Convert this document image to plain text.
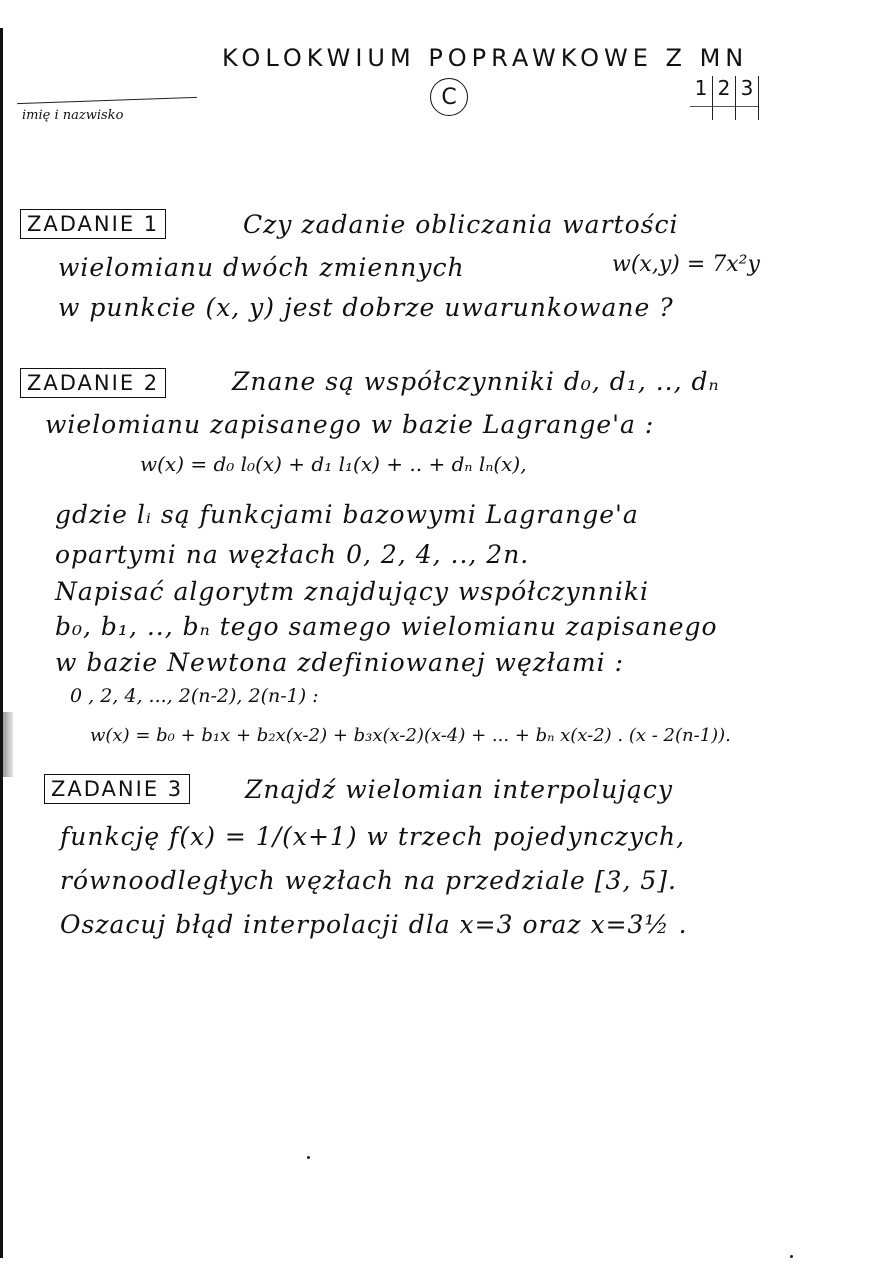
KOLOKWIUM POPRAWKOWE Z MN
C
imię i nazwisko
1 2 3
ZADANIE 1	Czy zadanie obliczania wartości
wielomianu dwóch zmiennych	w(x,y) = 7x²y
w punkcie (x, y) jest dobrze uwarunkowane ?
ZADANIE 2	Znane są współczynniki d₀, d₁, .., dₙ
wielomianu zapisanego w bazie Lagrange'a :
w(x) = d₀ l₀(x) + d₁ l₁(x) + .. + dₙ lₙ(x),
gdzie lᵢ są funkcjami bazowymi Lagrange'a
opartymi na węzłach 0, 2, 4, .., 2n.
Napisać algorytm znajdujący współczynniki
b₀, b₁, .., bₙ tego samego wielomianu zapisanego
w bazie Newtona zdefiniowanej węzłami :
0 , 2, 4, ..., 2(n-2), 2(n-1) :
w(x) = b₀ + b₁x + b₂x(x-2) + b₃x(x-2)(x-4) + ... + bₙ x(x-2) . (x - 2(n-1)).
ZADANIE 3 Znajdź wielomian interpolujący
funkcję f(x) = 1/(x+1) w trzech pojedynczych,
równoodległych węzłach na przedziale [3, 5].
Oszacuj błąd interpolacji dla x=3 oraz x=3½ .
